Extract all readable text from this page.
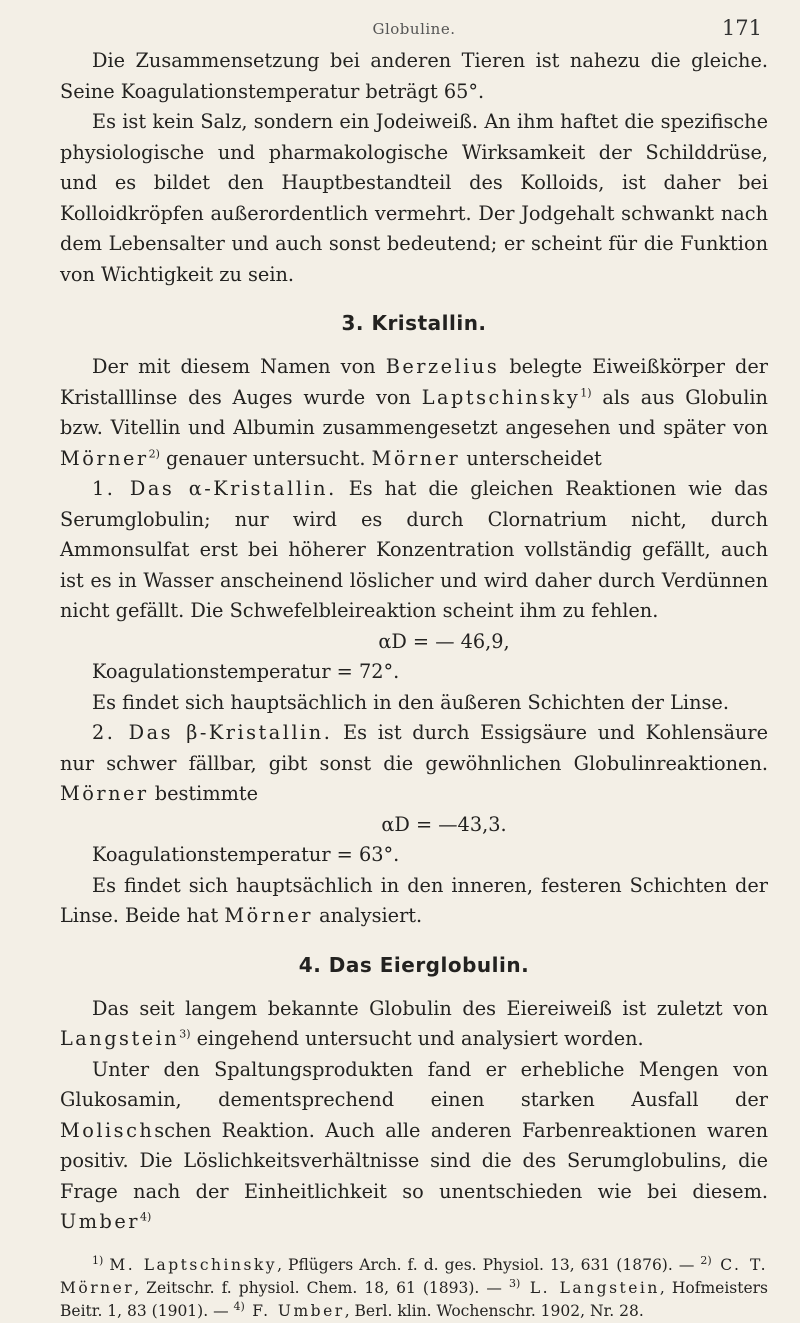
Globuline.	171

Die Zusammensetzung bei anderen Tieren ist nahezu die gleiche. Seine Koagulationstemperatur beträgt 65°.

Es ist kein Salz, sondern ein Jodeiweiß. An ihm haftet die spezifische physiologische und pharmakologische Wirksamkeit der Schilddrüse, und es bildet den Hauptbestandteil des Kolloids, ist daher bei Kolloidkröpfen außerordentlich vermehrt. Der Jodgehalt schwankt nach dem Lebensalter und auch sonst bedeutend; er scheint für die Funktion von Wichtigkeit zu sein.

3. Kristallin.

Der mit diesem Namen von Berzelius belegte Eiweißkörper der Kristalllinse des Auges wurde von Laptschinsky$^{1)}$ als aus Globulin bzw. Vitellin und Albumin zusammengesetzt angesehen und später von Mörner$^{2)}$ genauer untersucht. Mörner unterscheidet

1. Das α-Kristallin. Es hat die gleichen Reaktionen wie das Serumglobulin; nur wird es durch Clornatrium nicht, durch Ammonsulfat erst bei höherer Konzentration vollständig gefällt, auch ist es in Wasser anscheinend löslicher und wird daher durch Verdünnen nicht gefällt. Die Schwefelbleireaktion scheint ihm zu fehlen.

αD = — 46,9,

Koagulationstemperatur = 72°.

Es findet sich hauptsächlich in den äußeren Schichten der Linse.

2. Das β-Kristallin. Es ist durch Essigsäure und Kohlensäure nur schwer fällbar, gibt sonst die gewöhnlichen Globulinreaktionen. Mörner bestimmte

αD = —43,3.

Koagulationstemperatur = 63°.

Es findet sich hauptsächlich in den inneren, festeren Schichten der Linse. Beide hat Mörner analysiert.

4. Das Eierglobulin.

Das seit langem bekannte Globulin des Eiereiweiß ist zuletzt von Langstein$^{3)}$ eingehend untersucht und analysiert worden.

Unter den Spaltungsprodukten fand er erhebliche Mengen von Glukosamin, dementsprechend einen starken Ausfall der Molischschen Reaktion. Auch alle anderen Farbenreaktionen waren positiv. Die Löslichkeitsverhältnisse sind die des Serumglobulins, die Frage nach der Einheitlichkeit so unentschieden wie bei diesem. Umber$^{4)}$

$^{1)}$ M. Laptschinsky, Pflügers Arch. f. d. ges. Physiol. 13, 631 (1876). — $^{2)}$ C. T. Mörner, Zeitschr. f. physiol. Chem. 18, 61 (1893). — $^{3)}$ L. Langstein, Hofmeisters Beitr. 1, 83 (1901). — $^{4)}$ F. Umber, Berl. klin. Wochenschr. 1902, Nr. 28.
